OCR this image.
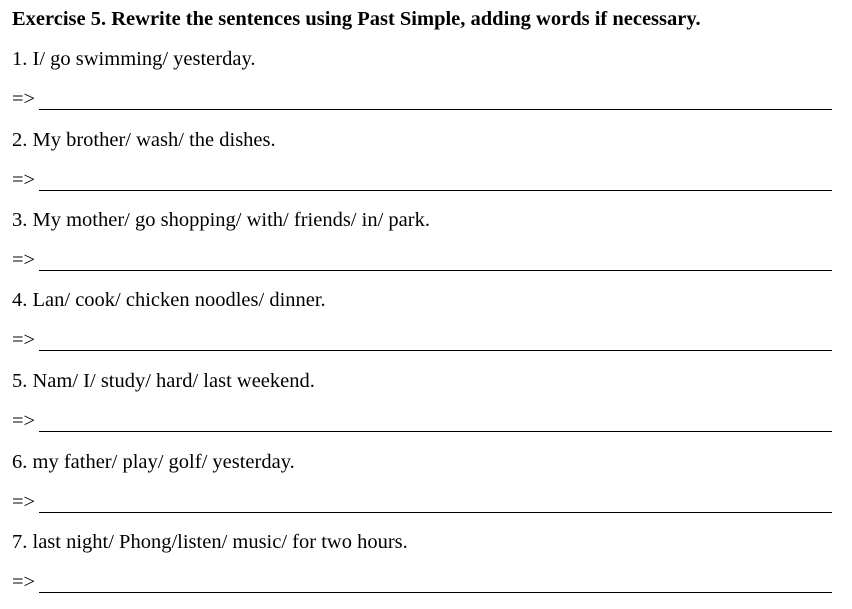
Exercise 5. Rewrite the sentences using Past Simple, adding words if necessary.
1. I/ go swimming/ yesterday.
=>
2. My brother/ wash/ the dishes.
=>
3. My mother/ go shopping/ with/ friends/ in/ park.
=>
4. Lan/ cook/ chicken noodles/ dinner.
=>
5. Nam/ I/ study/ hard/ last weekend.
=>
6. my father/ play/ golf/ yesterday.
=>
7. last night/ Phong/listen/ music/ for two hours.
=>
